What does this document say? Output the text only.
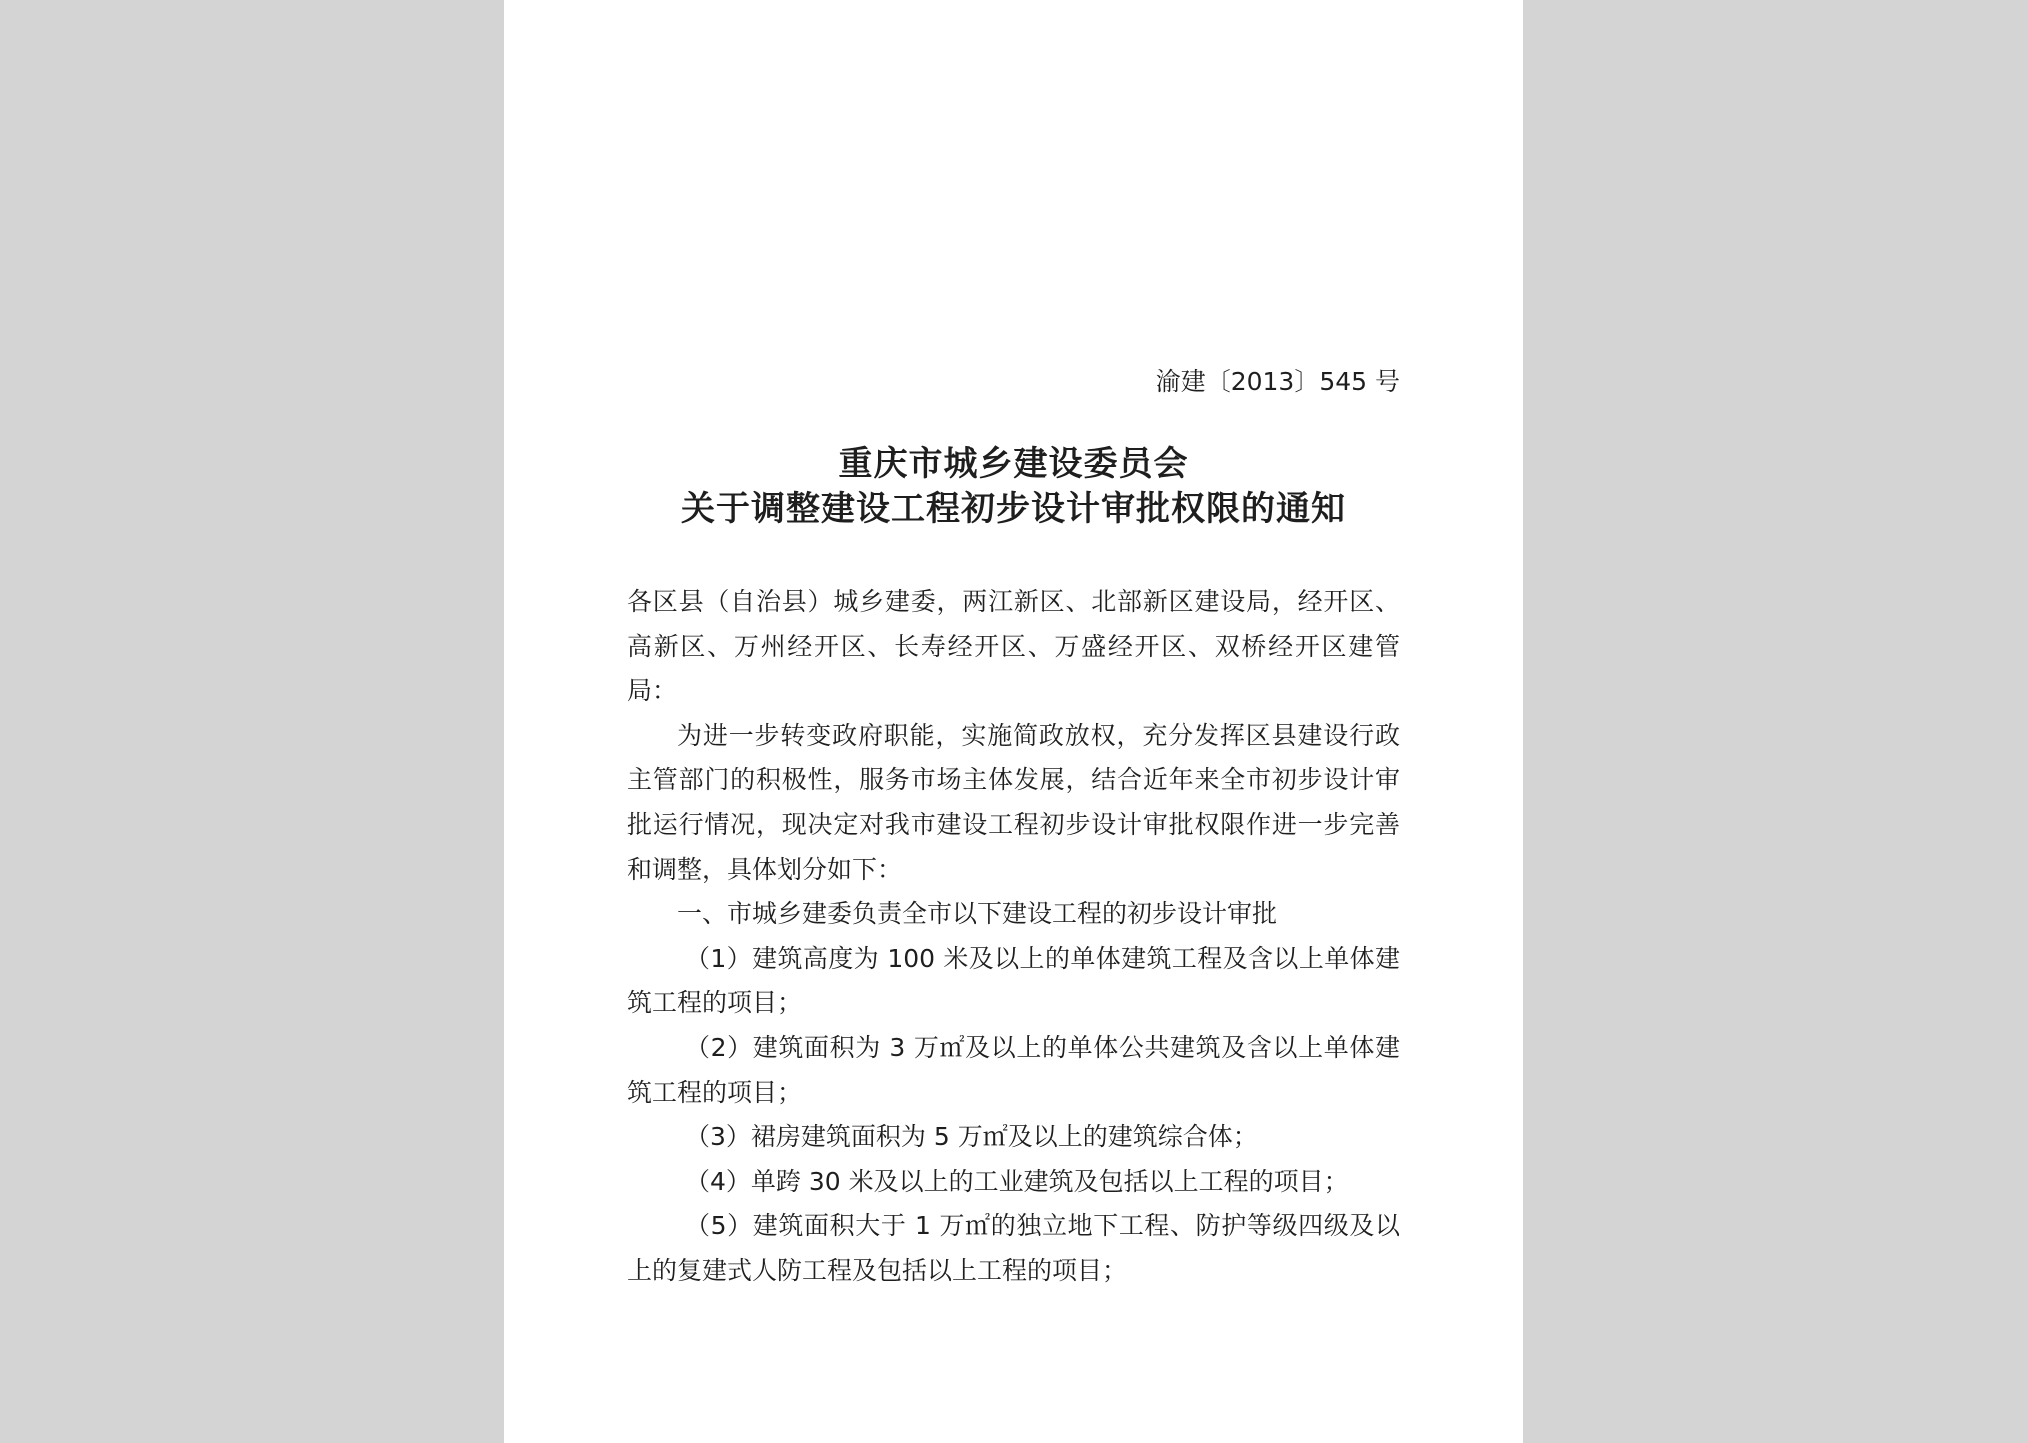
渝建〔2013〕545 号
重庆市城乡建设委员会
关于调整建设工程初步设计审批权限的通知

各区县（自治县）城乡建委，两江新区、北部新区建设局，经开区、高新区、万州经开区、长寿经开区、万盛经开区、双桥经开区建管局：

为进一步转变政府职能，实施简政放权，充分发挥区县建设行政主管部门的积极性，服务市场主体发展，结合近年来全市初步设计审批运行情况，现决定对我市建设工程初步设计审批权限作进一步完善和调整，具体划分如下：

一、市城乡建委负责全市以下建设工程的初步设计审批

（1）建筑高度为 100 米及以上的单体建筑工程及含以上单体建筑工程的项目；

（2）建筑面积为 3 万㎡及以上的单体公共建筑及含以上单体建筑工程的项目；

（3）裙房建筑面积为 5 万㎡及以上的建筑综合体；

（4）单跨 30 米及以上的工业建筑及包括以上工程的项目；

（5）建筑面积大于 1 万㎡的独立地下工程、防护等级四级及以上的复建式人防工程及包括以上工程的项目；
